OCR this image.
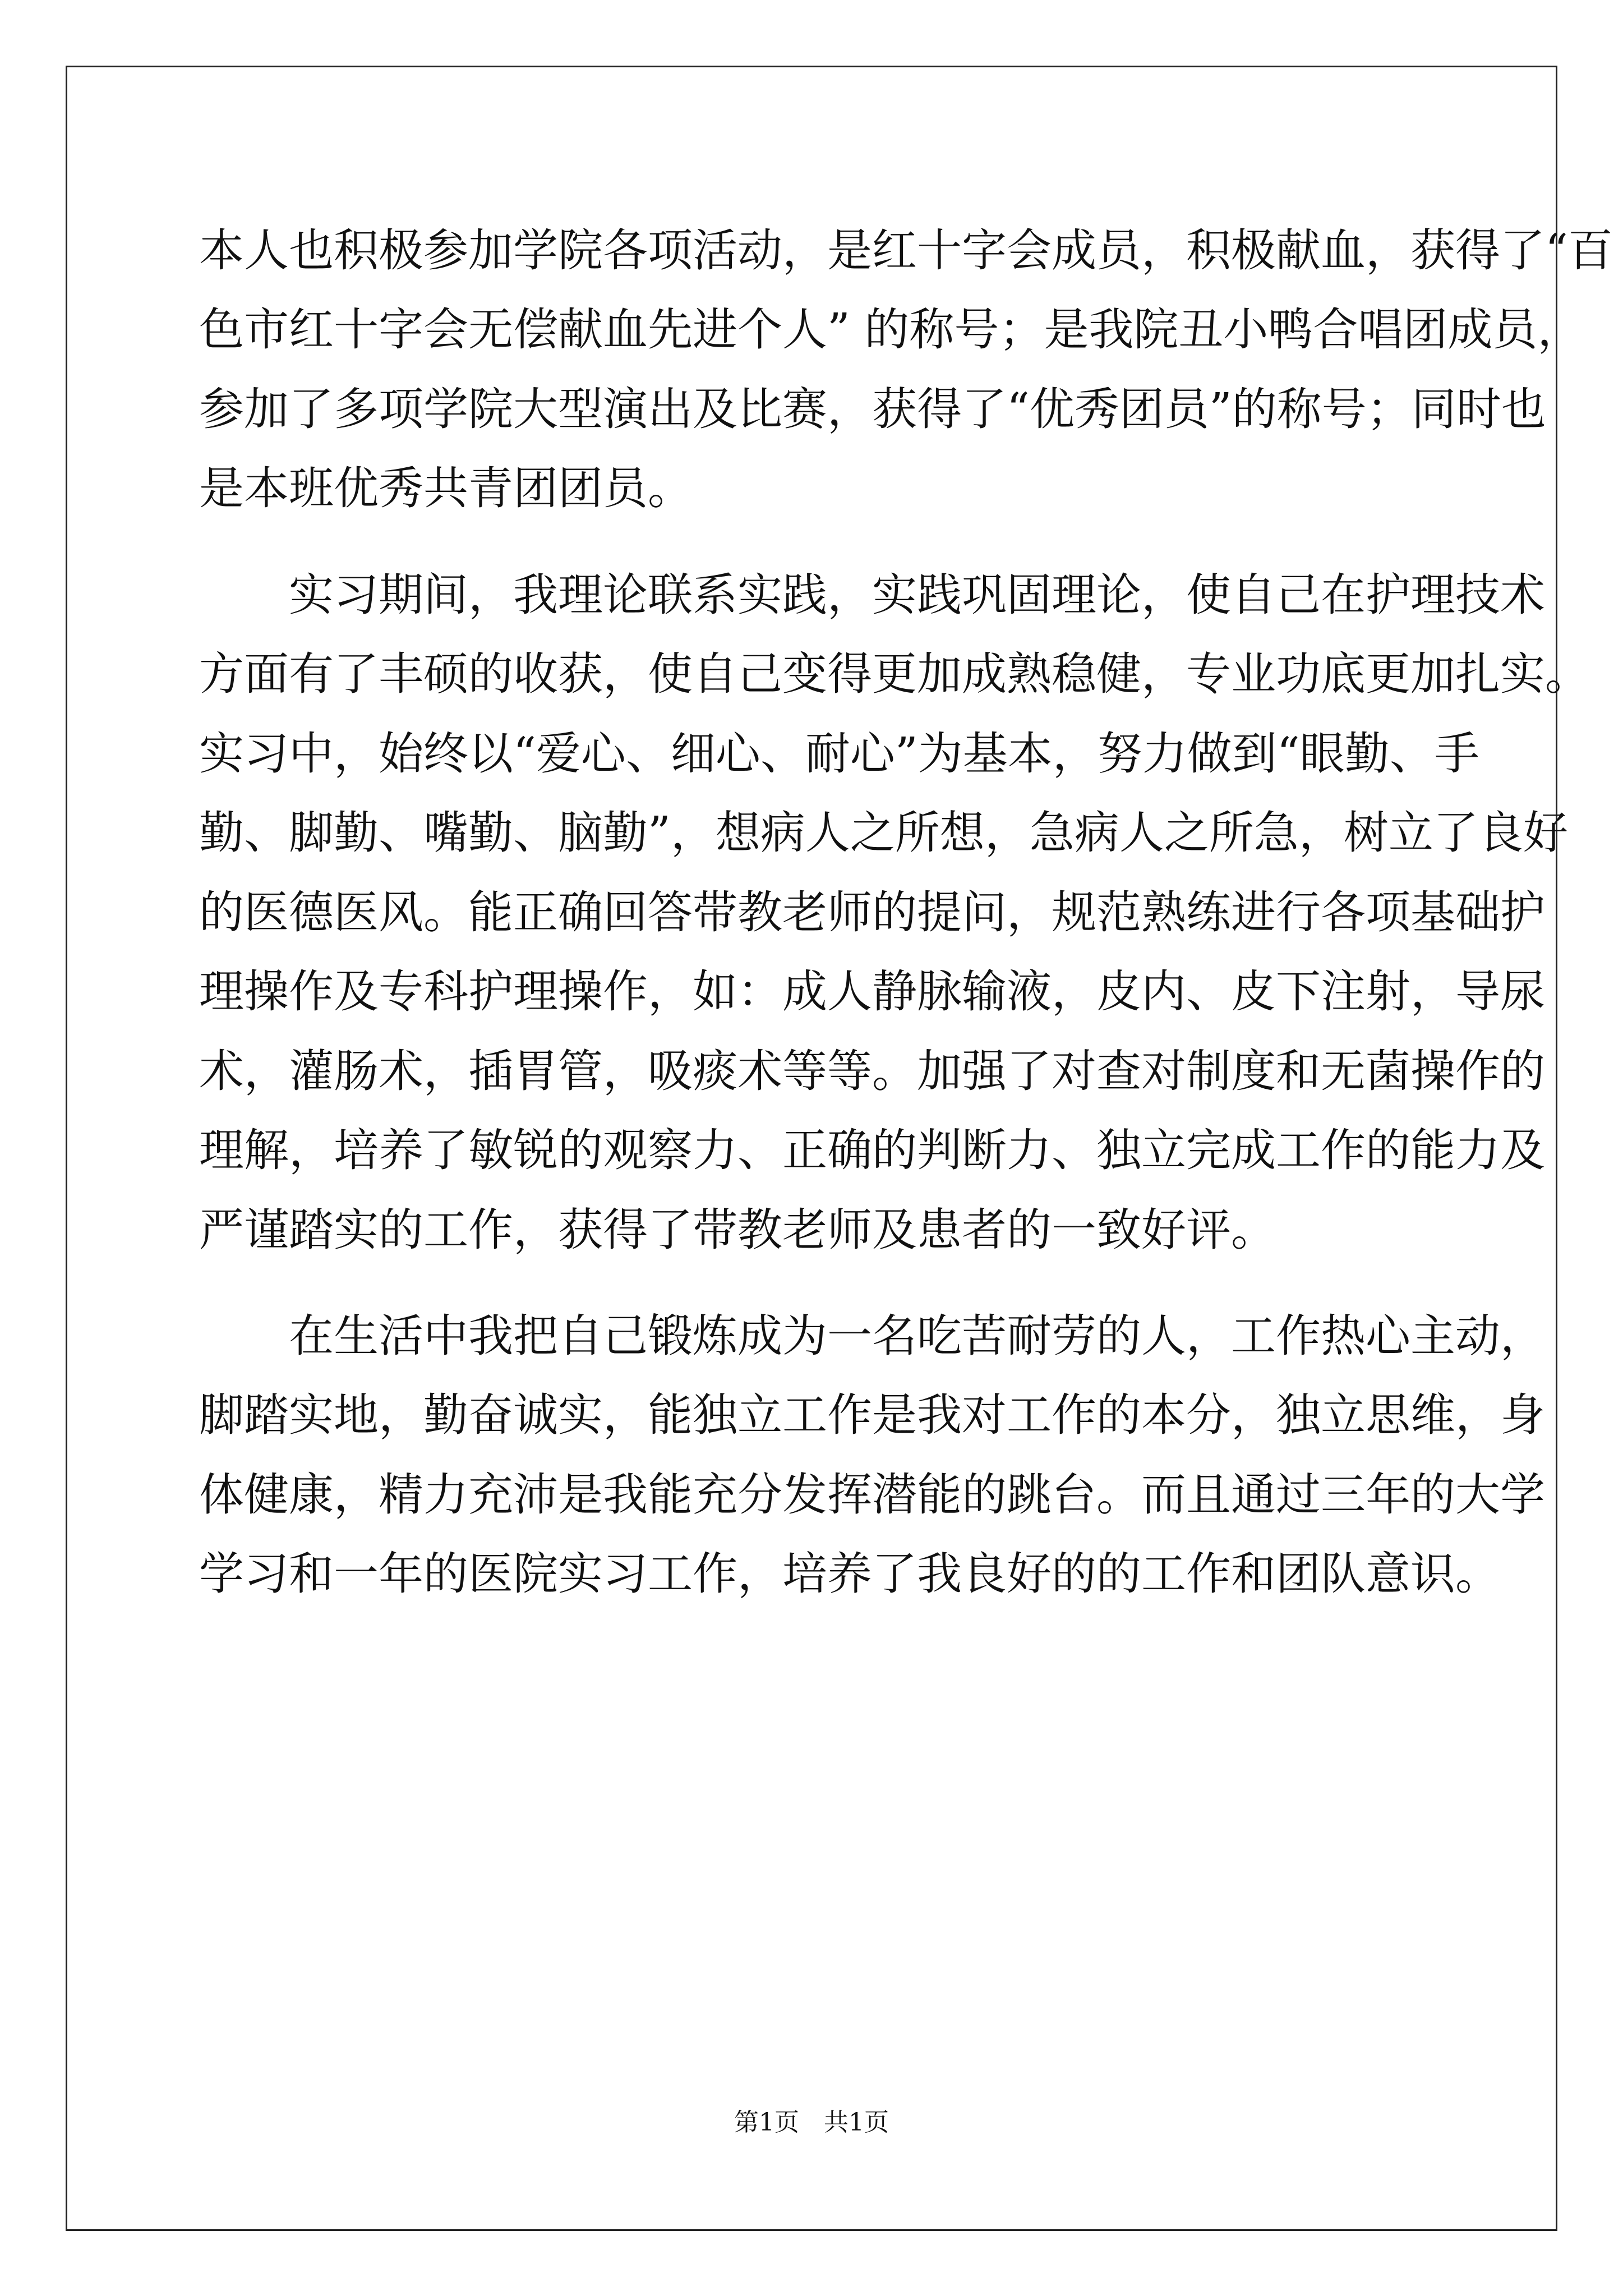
本人也积极参加学院各项活动，是红十字会成员，积极献血，获得了“百
色市红十字会无偿献血先进个人” 的称号；是我院丑小鸭合唱团成员，
参加了多项学院大型演出及比赛，获得了“优秀团员”的称号；同时也
是本班优秀共青团团员。
　　实习期间，我理论联系实践，实践巩固理论，使自己在护理技术
方面有了丰硕的收获，使自己变得更加成熟稳健，专业功底更加扎实。
实习中，始终以“爱心、细心、耐心”为基本，努力做到“眼勤、手
勤、脚勤、嘴勤、脑勤”，想病人之所想，急病人之所急，树立了良好
的医德医风。能正确回答带教老师的提问，规范熟练进行各项基础护
理操作及专科护理操作，如：成人静脉输液，皮内、皮下注射，导尿
术，灌肠术，插胃管，吸痰术等等。加强了对查对制度和无菌操作的
理解，培养了敏锐的观察力、正确的判断力、独立完成工作的能力及
严谨踏实的工作，获得了带教老师及患者的一致好评。
　　在生活中我把自己锻炼成为一名吃苦耐劳的人，工作热心主动，
脚踏实地，勤奋诚实，能独立工作是我对工作的本分，独立思维，身
体健康，精力充沛是我能充分发挥潜能的跳台。而且通过三年的大学
学习和一年的医院实习工作，培养了我良好的的工作和团队意识。
第1页　共1页
